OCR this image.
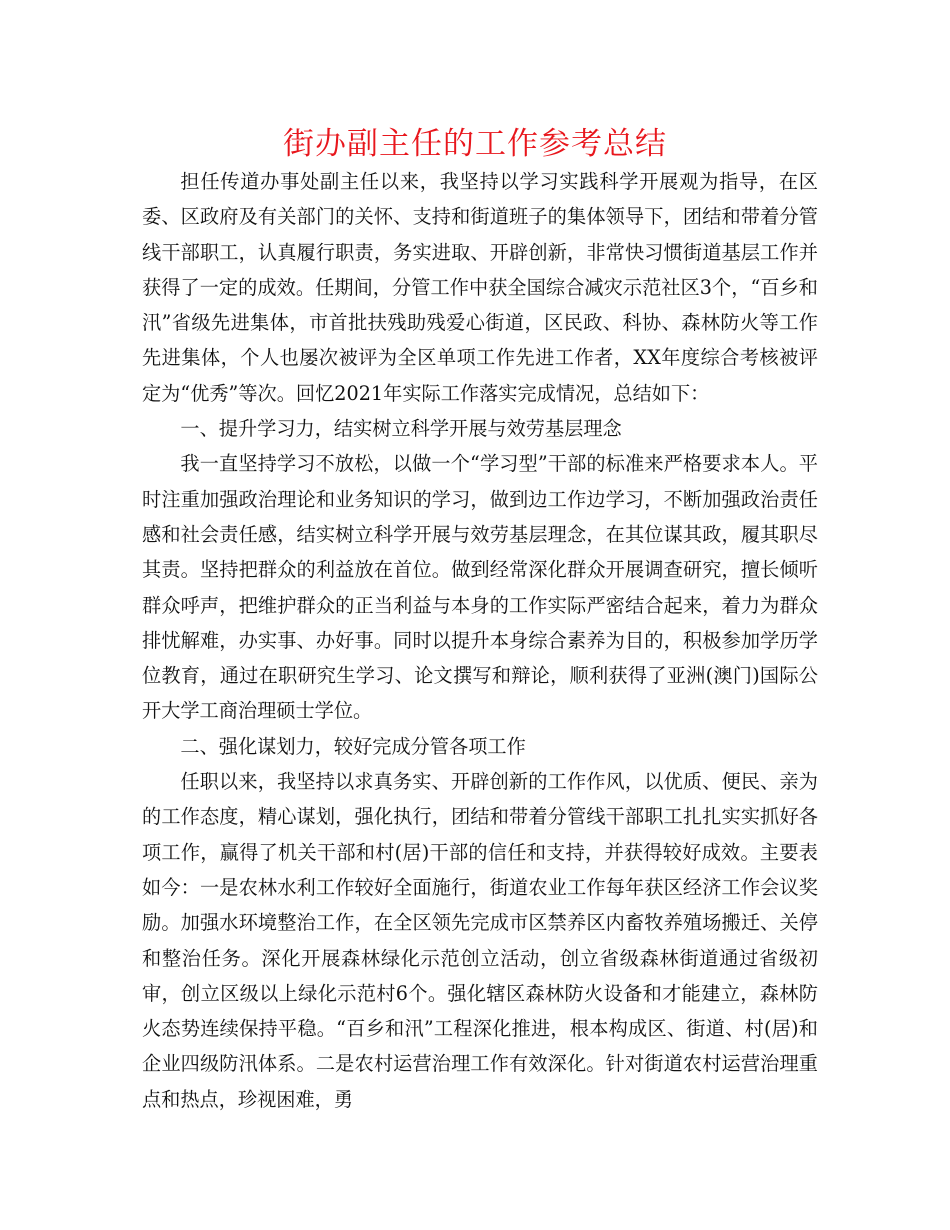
街办副主任的工作参考总结

担任传道办事处副主任以来，我坚持以学习实践科学开展观为指导，在区委、区政府及有关部门的关怀、支持和街道班子的集体领导下，团结和带着分管线干部职工，认真履行职责，务实进取、开辟创新，非常快习惯街道基层工作并获得了一定的成效。任期间，分管工作中获全国综合减灾示范社区3个，“百乡和汛”省级先进集体，市首批扶残助残爱心街道，区民政、科协、森林防火等工作先进集体，个人也屡次被评为全区单项工作先进工作者，XX年度综合考核被评定为“优秀”等次。回忆2021年实际工作落实完成情况，总结如下：

一、提升学习力，结实树立科学开展与效劳基层理念

我一直坚持学习不放松，以做一个“学习型”干部的标准来严格要求本人。平时注重加强政治理论和业务知识的学习，做到边工作边学习，不断加强政治责任感和社会责任感，结实树立科学开展与效劳基层理念，在其位谋其政，履其职尽其责。坚持把群众的利益放在首位。做到经常深化群众开展调查研究，擅长倾听群众呼声，把维护群众的正当利益与本身的工作实际严密结合起来，着力为群众排忧解难，办实事、办好事。同时以提升本身综合素养为目的，积极参加学历学位教育，通过在职研究生学习、论文撰写和辩论，顺利获得了亚洲(澳门)国际公开大学工商治理硕士学位。

二、强化谋划力，较好完成分管各项工作

任职以来，我坚持以求真务实、开辟创新的工作作风，以优质、便民、亲为的工作态度，精心谋划，强化执行，团结和带着分管线干部职工扎扎实实抓好各项工作，赢得了机关干部和村(居)干部的信任和支持，并获得较好成效。主要表如今：一是农林水利工作较好全面施行，街道农业工作每年获区经济工作会议奖励。加强水环境整治工作，在全区领先完成市区禁养区内畜牧养殖场搬迁、关停和整治任务。深化开展森林绿化示范创立活动，创立省级森林街道通过省级初审，创立区级以上绿化示范村6个。强化辖区森林防火设备和才能建立，森林防火态势连续保持平稳。“百乡和汛”工程深化推进，根本构成区、街道、村(居)和企业四级防汛体系。二是农村运营治理工作有效深化。针对街道农村运营治理重点和热点，珍视困难，勇
